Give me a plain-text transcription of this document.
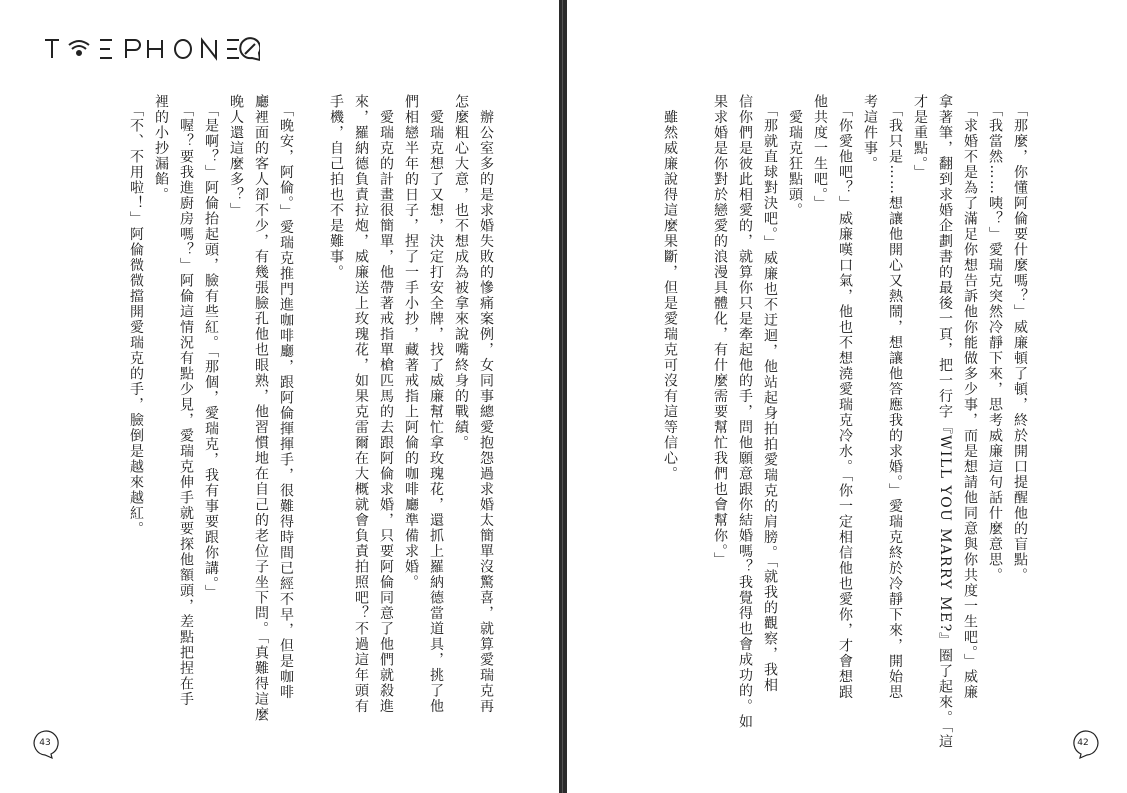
　辦公室多的是求婚失敗的慘痛案例，女同事總愛抱怨過求婚太簡單沒驚喜，就算愛瑞克再
怎麼粗心大意，也不想成為被拿來說嘴終身的戰績。
　愛瑞克想了又想，決定打安全牌，找了威廉幫忙拿玫瑰花，還抓上羅納德當道具，挑了他
們相戀半年的日子，捏了一手小抄，藏著戒指上阿倫的咖啡廳準備求婚。
　愛瑞克的計畫很簡單，他帶著戒指單槍匹馬的去跟阿倫求婚，只要阿倫同意了他們就殺進
來，羅納德負責拉炮，威廉送上玫瑰花，如果克雷爾在大概就會負責拍照吧？不過這年頭有
手機，自己拍也不是難事。
　「晚安，阿倫。」愛瑞克推門進咖啡廳，跟阿倫揮揮手，很難得時間已經不早，但是咖啡
廳裡面的客人卻不少，有幾張臉孔他也眼熟，他習慣地在自己的老位子坐下問。「真難得這麼
晚人還這麼多？」
　「是啊？」阿倫抬起頭，臉有些紅。「那個，愛瑞克，我有事要跟你講。」
　「喔？要我進廚房嗎？」阿倫這情況有點少見，愛瑞克伸手就要探他額頭，差點把捏在手
裡的小抄漏餡。
　「不、不用啦！」阿倫微微擋開愛瑞克的手，臉倒是越來越紅。
43
　「那麼，你懂阿倫要什麼嗎？」威廉頓了頓，終於開口提醒他的盲點。
　「我當然……咦？」愛瑞克突然冷靜下來，思考威廉這句話什麼意思。
　「求婚不是為了滿足你想告訴他你能做多少事，而是想請他同意與你共度一生吧。」威廉
拿著筆，翻到求婚企劃書的最後一頁，把一行字『WILL YOU MARRY ME?』圈了起來。「這
才是重點。」
　「我只是……想讓他開心又熱鬧，想讓他答應我的求婚。」愛瑞克終於冷靜下來，開始思
考這件事。
　「你愛他吧？」威廉嘆口氣，他也不想澆愛瑞克冷水。「你一定相信他也愛你，才會想跟
他共度一生吧。」
　愛瑞克狂點頭。
　「那就直球對決吧。」威廉也不迂迴，他站起身拍拍愛瑞克的肩膀。「就我的觀察，我相
信你們是彼此相愛的，就算你只是牽起他的手，問他願意跟你結婚嗎？我覺得也會成功的。如
果求婚是你對於戀愛的浪漫具體化，有什麼需要幫忙我們也會幫你。」
　雖然威廉說得這麼果斷，但是愛瑞克可沒有這等信心。
42
